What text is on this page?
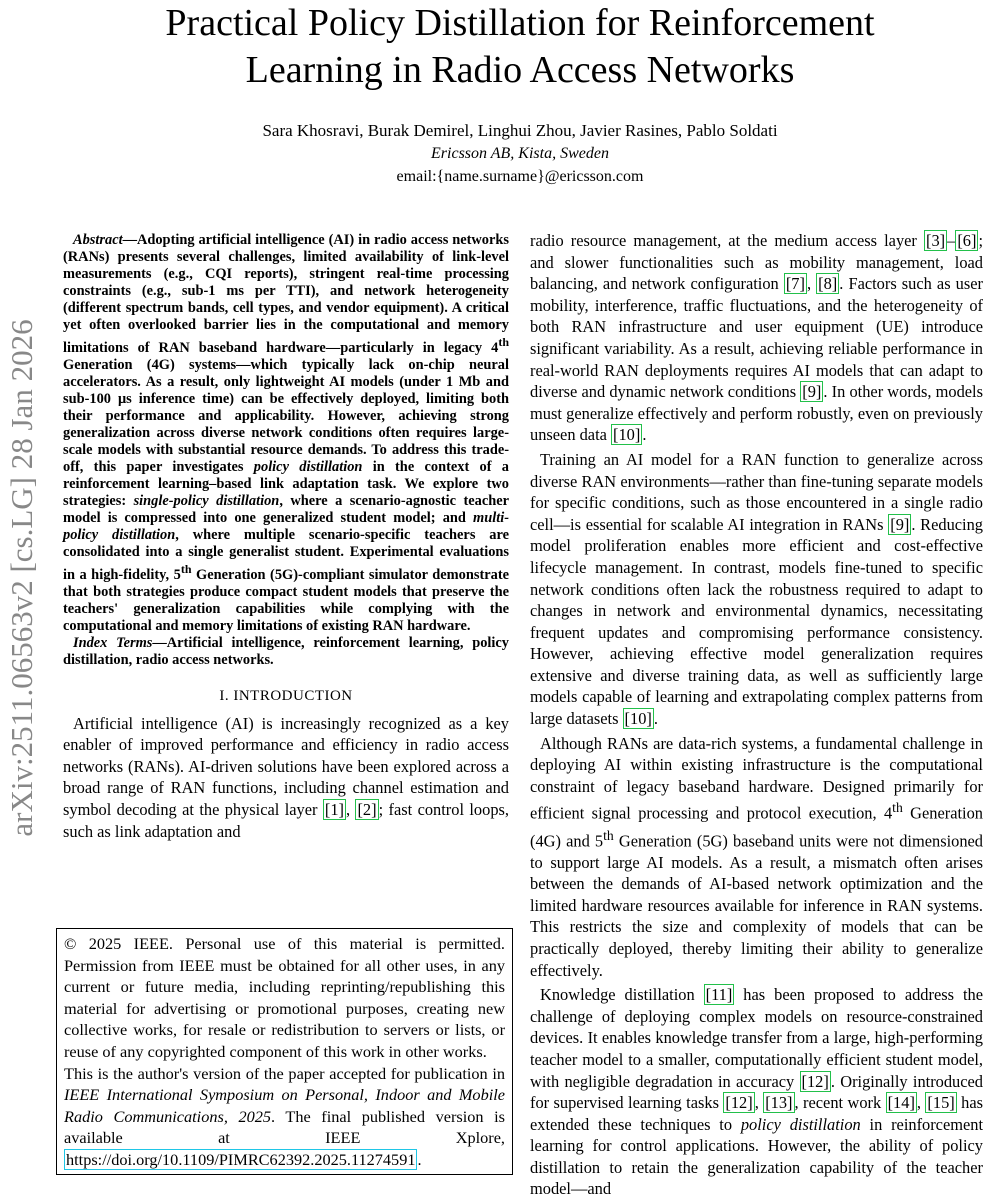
arXiv:2511.06563v2 [cs.LG] 28 Jan 2026
Practical Policy Distillation for Reinforcement
Learning in Radio Access Networks
Sara Khosravi, Burak Demirel, Linghui Zhou, Javier Rasines, Pablo Soldati
Ericsson AB, Kista, Sweden
email:{name.surname}@ericsson.com

Abstract—Adopting artificial intelligence (AI) in radio access networks (RANs) presents several challenges, limited availability of link-level measurements (e.g., CQI reports), stringent real-time processing constraints (e.g., sub-1 ms per TTI), and network heterogeneity (different spectrum bands, cell types, and vendor equipment). A critical yet often overlooked barrier lies in the computational and memory limitations of RAN baseband hardware—particularly in legacy 4th Generation (4G) systems—which typically lack on-chip neural accelerators. As a result, only lightweight AI models (under 1 Mb and sub-100 μs inference time) can be effectively deployed, limiting both their performance and applicability. However, achieving strong generalization across diverse network conditions often requires large-scale models with substantial resource demands. To address this trade-off, this paper investigates policy distillation in the context of a reinforcement learning–based link adaptation task. We explore two strategies: single-policy distillation, where a scenario-agnostic teacher model is compressed into one generalized student model; and multi-policy distillation, where multiple scenario-specific teachers are consolidated into a single generalist student. Experimental evaluations in a high-fidelity, 5th Generation (5G)-compliant simulator demonstrate that both strategies produce compact student models that preserve the teachers' generalization capabilities while complying with the computational and memory limitations of existing RAN hardware.

Index Terms—Artificial intelligence, reinforcement learning, policy distillation, radio access networks.

I. INTRODUCTION

Artificial intelligence (AI) is increasingly recognized as a key enabler of improved performance and efficiency in radio access networks (RANs). AI-driven solutions have been explored across a broad range of RAN functions, including channel estimation and symbol decoding at the physical layer [1] , [2] ; fast control loops, such as link adaptation and

© 2025 IEEE. Personal use of this material is permitted. Permission from IEEE must be obtained for all other uses, in any current or future media, including reprinting/republishing this material for advertising or promotional purposes, creating new collective works, for resale or redistribution to servers or lists, or reuse of any copyrighted component of this work in other works.

This is the author's version of the paper accepted for publication in IEEE International Symposium on Personal, Indoor and Mobile Radio Communications, 2025. The final published version is available at IEEE Xplore, https://doi.org/10.1109/PIMRC62392.2025.11274591 .

radio resource management, at the medium access layer [3] – [6] ; and slower functionalities such as mobility management, load balancing, and network configuration [7] , [8] . Factors such as user mobility, interference, traffic fluctuations, and the heterogeneity of both RAN infrastructure and user equipment (UE) introduce significant variability. As a result, achieving reliable performance in real-world RAN deployments requires AI models that can adapt to diverse and dynamic network conditions [9] . In other words, models must generalize effectively and perform robustly, even on previously unseen data [10] .

Training an AI model for a RAN function to generalize across diverse RAN environments—rather than fine-tuning separate models for specific conditions, such as those encountered in a single radio cell—is essential for scalable AI integration in RANs [9] . Reducing model proliferation enables more efficient and cost-effective lifecycle management. In contrast, models fine-tuned to specific network conditions often lack the robustness required to adapt to changes in network and environmental dynamics, necessitating frequent updates and compromising performance consistency. However, achieving effective model generalization requires extensive and diverse training data, as well as sufficiently large models capable of learning and extrapolating complex patterns from large datasets [10] .

Although RANs are data-rich systems, a fundamental challenge in deploying AI within existing infrastructure is the computational constraint of legacy baseband hardware. Designed primarily for efficient signal processing and protocol execution, 4th Generation (4G) and 5th Generation (5G) baseband units were not dimensioned to support large AI models. As a result, a mismatch often arises between the demands of AI-based network optimization and the limited hardware resources available for inference in RAN systems. This restricts the size and complexity of models that can be practically deployed, thereby limiting their ability to generalize effectively.

Knowledge distillation [11] has been proposed to address the challenge of deploying complex models on resource-constrained devices. It enables knowledge transfer from a large, high-performing teacher model to a smaller, computationally efficient student model, with negligible degradation in accuracy [12] . Originally introduced for supervised learning tasks [12] , [13] , recent work [14] , [15] has extended these techniques to policy distillation in reinforcement learning for control applications. However, the ability of policy distillation to retain the generalization capability of the teacher model—and
